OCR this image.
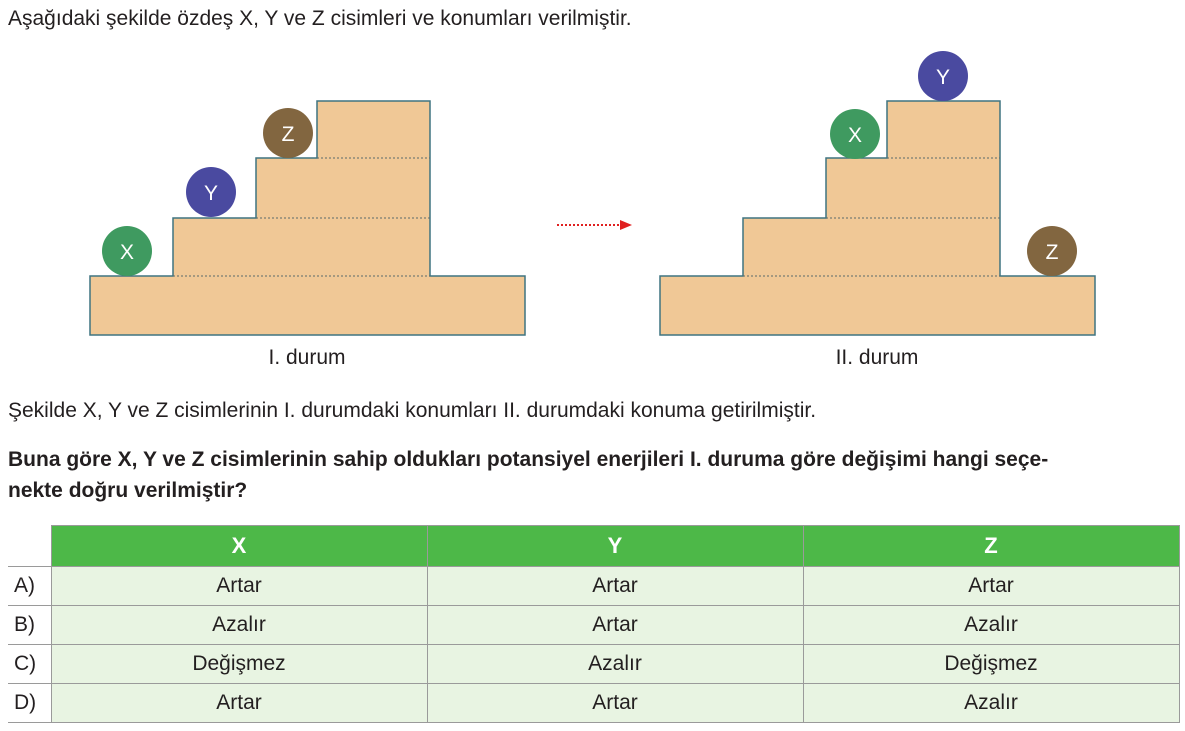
Aşağıdaki şekilde özdeş X, Y ve Z cisimleri ve konumları verilmiştir.
X
Y
Z	X
Y
Z
I. durum	II. durum
Şekilde X, Y ve Z cisimlerinin I. durumdaki konumları II. durumdaki konuma getirilmiştir.
Buna göre X, Y ve Z cisimlerinin sahip oldukları potansiyel enerjileri I. duruma göre değişimi hangi seçe-
nekte doğru verilmiştir?
	X	Y	Z
A)	Artar	Artar	Artar
B)	Azalır	Artar	Azalır
C)	Değişmez	Azalır	Değişmez
D)	Artar	Artar	Azalır
